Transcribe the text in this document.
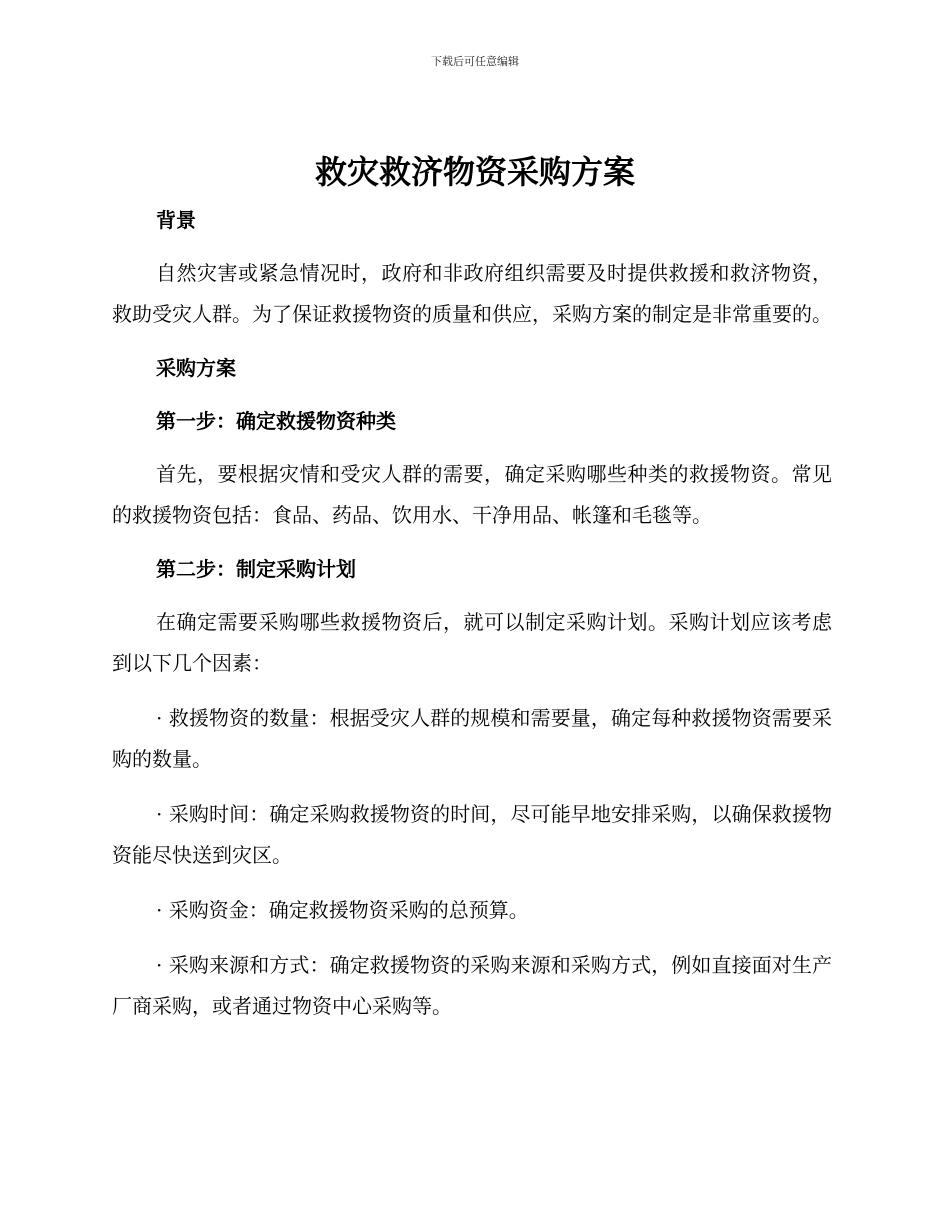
下载后可任意编辑
救灾救济物资采购方案

背景

自然灾害或紧急情况时，政府和非政府组织需要及时提供救援和救济物资，救助受灾人群。为了保证救援物资的质量和供应，采购方案的制定是非常重要的。

采购方案

第一步：确定救援物资种类

首先，要根据灾情和受灾人群的需要，确定采购哪些种类的救援物资。常见的救援物资包括：食品、药品、饮用水、干净用品、帐篷和毛毯等。

第二步：制定采购计划

在确定需要采购哪些救援物资后，就可以制定采购计划。采购计划应该考虑到以下几个因素：

· 救援物资的数量：根据受灾人群的规模和需要量，确定每种救援物资需要采购的数量。

· 采购时间：确定采购救援物资的时间，尽可能早地安排采购，以确保救援物资能尽快送到灾区。

· 采购资金：确定救援物资采购的总预算。

· 采购来源和方式：确定救援物资的采购来源和采购方式，例如直接面对生产厂商采购，或者通过物资中心采购等。
